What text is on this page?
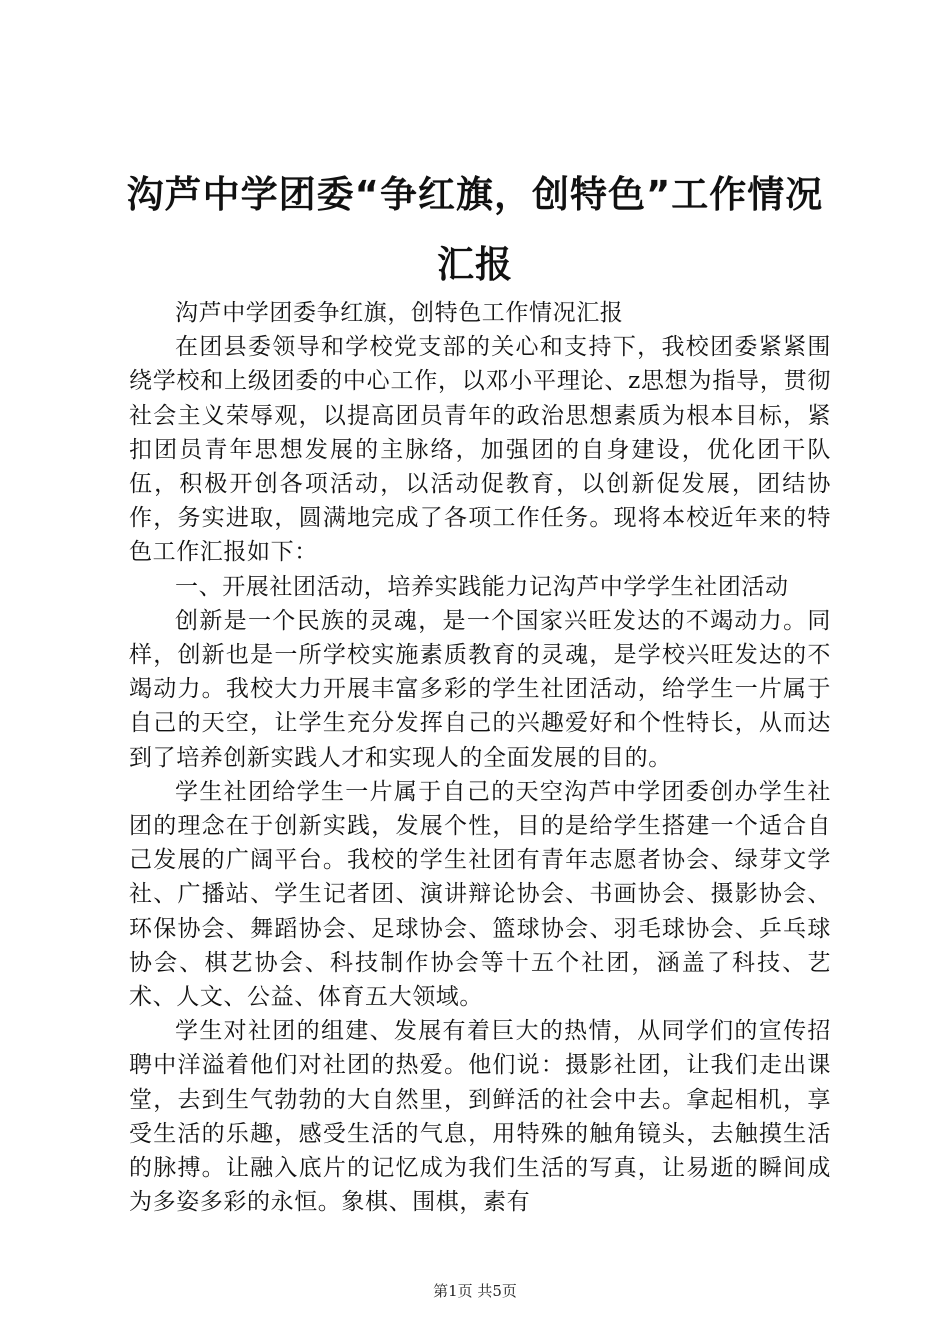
沟芦中学团委“争红旗，创特色”工作情况汇报

沟芦中学团委争红旗，创特色工作情况汇报

在团县委领导和学校党支部的关心和支持下，我校团委紧紧围绕学校和上级团委的中心工作，以邓小平理论、z思想为指导，贯彻社会主义荣辱观，以提高团员青年的政治思想素质为根本目标，紧扣团员青年思想发展的主脉络，加强团的自身建设，优化团干队伍，积极开创各项活动，以活动促教育，以创新促发展，团结协作，务实进取，圆满地完成了各项工作任务。现将本校近年来的特色工作汇报如下：

一、开展社团活动，培养实践能力记沟芦中学学生社团活动

创新是一个民族的灵魂，是一个国家兴旺发达的不竭动力。同样，创新也是一所学校实施素质教育的灵魂，是学校兴旺发达的不竭动力。我校大力开展丰富多彩的学生社团活动，给学生一片属于自己的天空，让学生充分发挥自己的兴趣爱好和个性特长，从而达到了培养创新实践人才和实现人的全面发展的目的。

学生社团给学生一片属于自己的天空沟芦中学团委创办学生社团的理念在于创新实践，发展个性，目的是给学生搭建一个适合自己发展的广阔平台。我校的学生社团有青年志愿者协会、绿芽文学社、广播站、学生记者团、演讲辩论协会、书画协会、摄影协会、环保协会、舞蹈协会、足球协会、篮球协会、羽毛球协会、乒乓球协会、棋艺协会、科技制作协会等十五个社团，涵盖了科技、艺术、人文、公益、体育五大领域。

学生对社团的组建、发展有着巨大的热情，从同学们的宣传招聘中洋溢着他们对社团的热爱。他们说：摄影社团，让我们走出课堂，去到生气勃勃的大自然里，到鲜活的社会中去。拿起相机，享受生活的乐趣，感受生活的气息，用特殊的触角镜头，去触摸生活的脉搏。让融入底片的记忆成为我们生活的写真，让易逝的瞬间成为多姿多彩的永恒。象棋、围棋，素有

第1页 共5页
